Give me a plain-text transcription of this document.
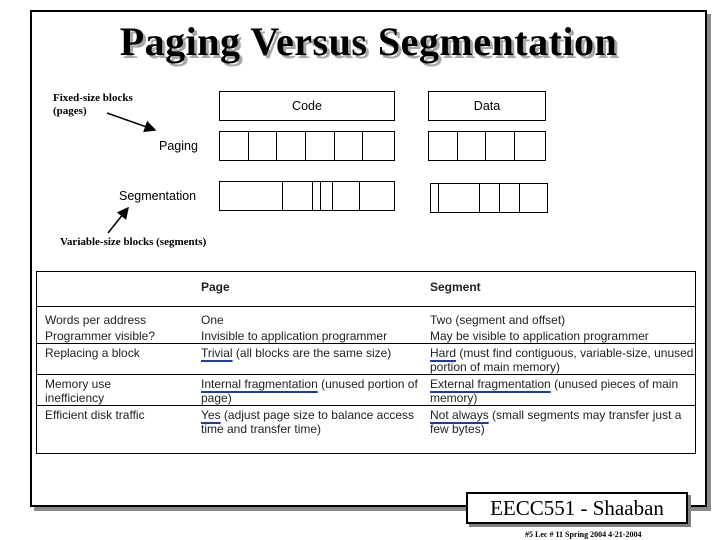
Paging Versus Segmentation
Fixed-size blocks
(pages)
Variable-size blocks (segments)
Code	Data
Paging
Segmentation
	Page	Segment
Words per address	One	Two (segment and offset)
Programmer visible?	Invisible to application programmer	May be visible to application programmer
Replacing a block	Trivial (all blocks are the same size)	Hard (must find contiguous, variable-size, unused portion of main memory)

Memory use
inefficiency	Internal fragmentation (unused portion of page)	External fragmentation (unused pieces of main memory)
Efficient disk traffic	Yes (adjust page size to balance access time and transfer time)	Not always (small segments may transfer just a few bytes)
EECC551 - Shaaban
#5 Lec # 11 Spring 2004 4-21-2004
